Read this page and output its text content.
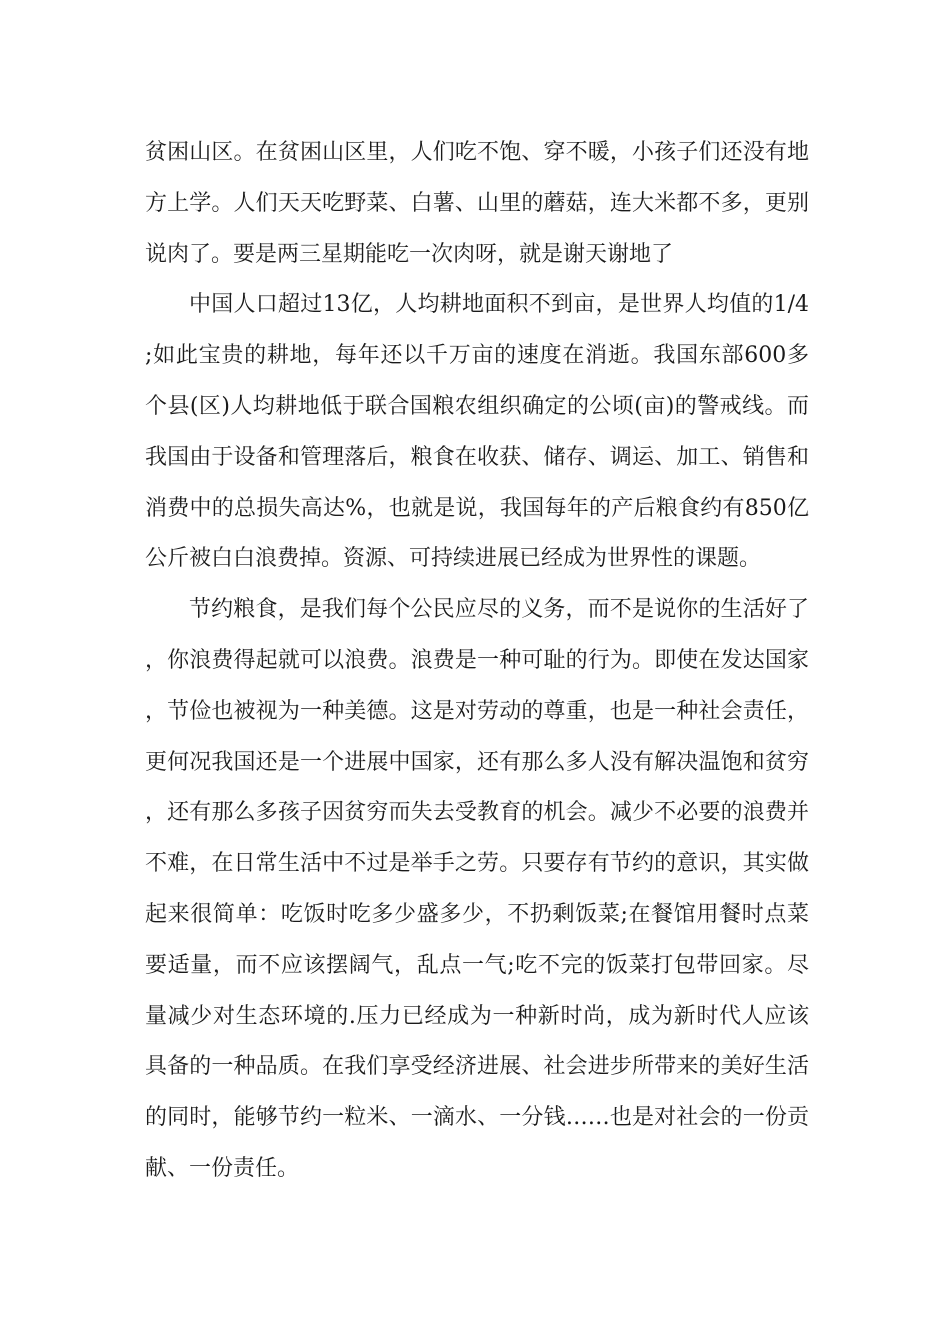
贫困山区。在贫困山区里，人们吃不饱、穿不暖，小孩子们还没有地方上学。人们天天吃野菜、白薯、山里的蘑菇，连大米都不多，更别说肉了。要是两三星期能吃一次肉呀，就是谢天谢地了

中国人口超过13亿，人均耕地面积不到亩，是世界人均值的1/4;如此宝贵的耕地，每年还以千万亩的速度在消逝。我国东部600多个县(区)人均耕地低于联合国粮农组织确定的公顷(亩)的警戒线。而我国由于设备和管理落后，粮食在收获、储存、调运、加工、销售和消费中的总损失高达%，也就是说，我国每年的产后粮食约有850亿公斤被白白浪费掉。资源、可持续进展已经成为世界性的课题。

节约粮食，是我们每个公民应尽的义务，而不是说你的生活好了，你浪费得起就可以浪费。浪费是一种可耻的行为。即使在发达国家，节俭也被视为一种美德。这是对劳动的尊重，也是一种社会责任，更何况我国还是一个进展中国家，还有那么多人没有解决温饱和贫穷，还有那么多孩子因贫穷而失去受教育的机会。减少不必要的浪费并不难，在日常生活中不过是举手之劳。只要存有节约的意识，其实做起来很简单：吃饭时吃多少盛多少，不扔剩饭菜;在餐馆用餐时点菜要适量，而不应该摆阔气，乱点一气;吃不完的饭菜打包带回家。尽量减少对生态环境的.压力已经成为一种新时尚，成为新时代人应该具备的一种品质。在我们享受经济进展、社会进步所带来的美好生活的同时，能够节约一粒米、一滴水、一分钱……也是对社会的一份贡献、一份责任。
